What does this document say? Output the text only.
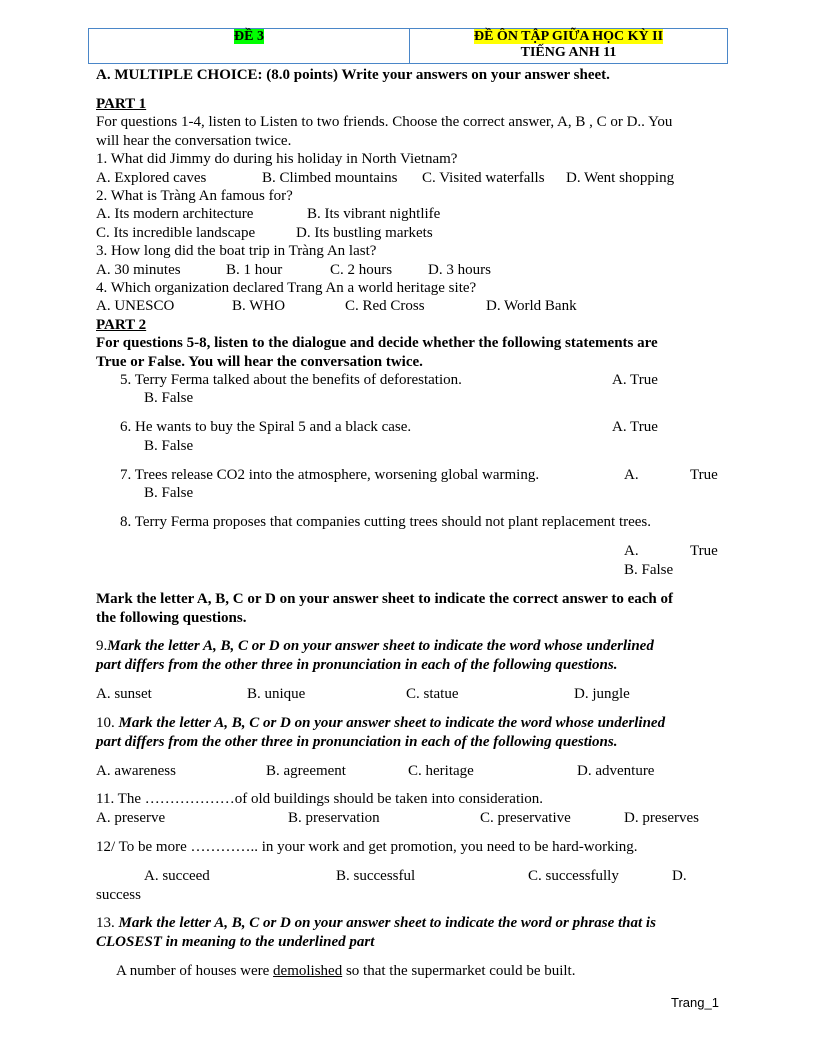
ĐỀ 3	ĐỀ ÔN TẬP GIỮA HỌC KỲ II
TIẾNG ANH 11
A. MULTIPLE CHOICE: (8.0 points) Write your answers on your answer sheet.
PART 1
For questions 1-4, listen to Listen to two friends. Choose the correct answer, A, B , C or D.. You
will hear the conversation twice.
1. What did Jimmy do during his holiday in North Vietnam?
A. Explored caves	B. Climbed mountains C. Visited waterfalls D. Went shopping
2. What is Tràng An famous for?
A. Its modern architecture	B. Its vibrant nightlife
C. Its incredible landscape	D. Its bustling markets
3. How long did the boat trip in Tràng An last?
A. 30 minutes	B. 1 hour	C. 2 hours D. 3 hours
4. Which organization declared Trang An a world heritage site?
A. UNESCO	B. WHO	C. Red Cross	D. World Bank
PART 2
For questions 5-8, listen to the dialogue and decide whether the following statements are
True or False. You will hear the conversation twice.
5. Terry Ferma talked about the benefits of deforestation.	A. True
B. False
6. He wants to buy the Spiral 5 and a black case.	A. True
B. False
7. Trees release CO2 into the atmosphere, worsening global warming.	A.	True
B. False
8. Terry Ferma proposes that companies cutting trees should not plant replacement trees.
A.	True
B. False
Mark the letter A, B, C or D on your answer sheet to indicate the correct answer to each of
the following questions.
9.Mark the letter A, B, C or D on your answer sheet to indicate the word whose underlined
part differs from the other three in pronunciation in each of the following questions.
A. sunset	B. unique	C. statue	D. jungle
10. Mark the letter A, B, C or D on your answer sheet to indicate the word whose underlined
part differs from the other three in pronunciation in each of the following questions.
A. awareness	B. agreement	C. heritage	D. adventure
11. The ………………of old buildings should be taken into consideration.
A. preserve	B. preservation	C. preservative	D. preserves
12/ To be more ………….. in your work and get promotion, you need to be hard-working.
A. succeed	B. successful	C. successfully	D.
success
13. Mark the letter A, B, C or D on your answer sheet to indicate the word or phrase that is
CLOSEST in meaning to the underlined part
A number of houses were demolished so that the supermarket could be built.
Trang_1
